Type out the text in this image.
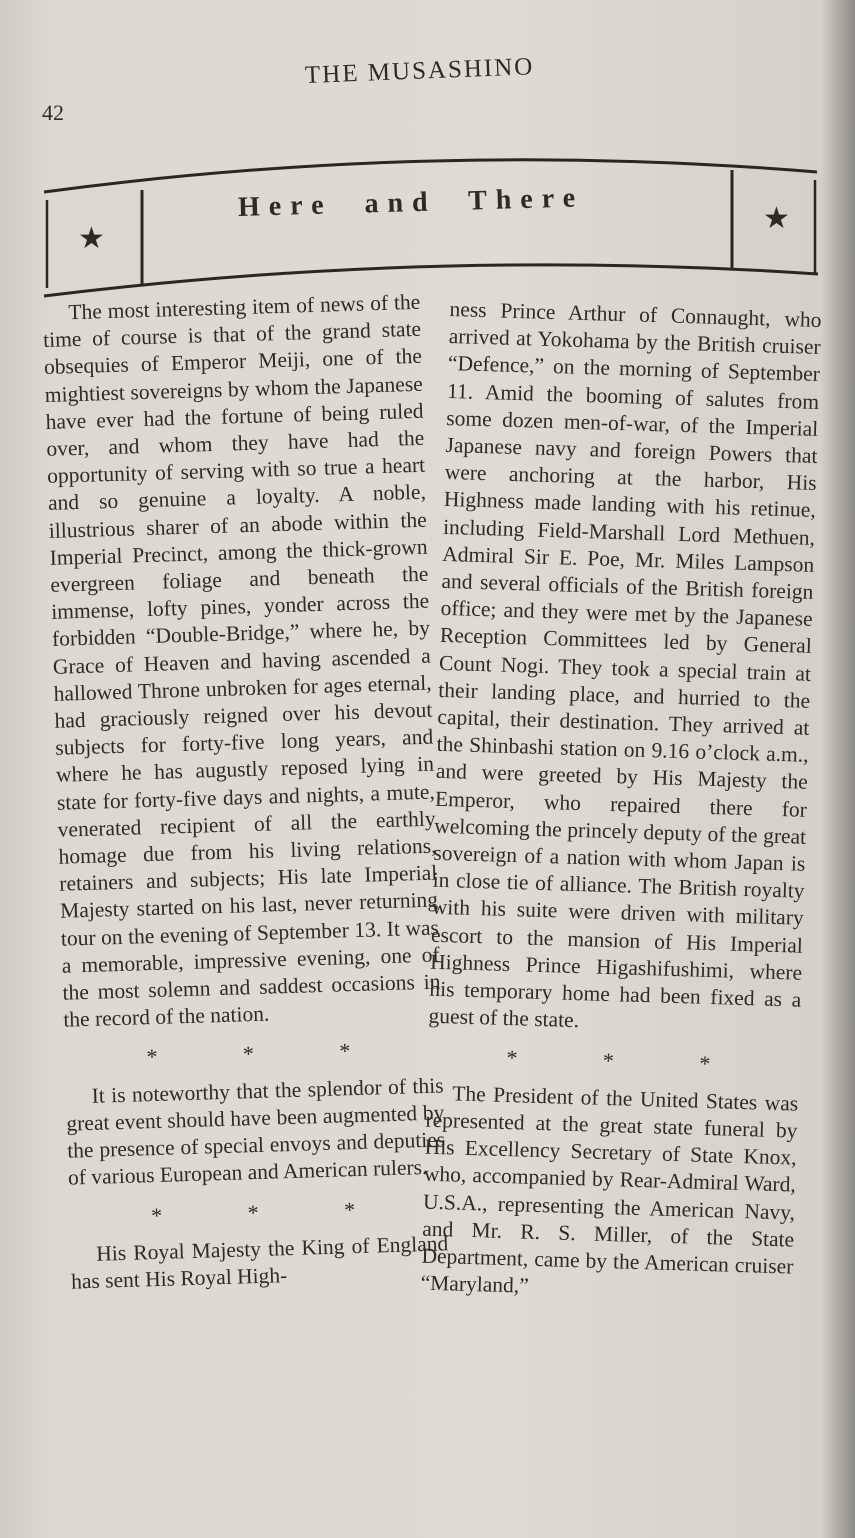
THE MUSASHINO
42
Here and There
★
★

The most interesting item of news of the time of course is that of the grand state obsequies of Emperor Meiji, one of the mightiest sovereigns by whom the Japanese have ever had the fortune of being ruled over, and whom they have had the opportunity of serving with so true a heart and so genuine a loyalty. A noble, illustrious sharer of an abode within the Imperial Precinct, among the thick-grown evergreen foliage and beneath the immense, lofty pines, yonder across the forbidden “Double-Bridge,” where he, by Grace of Heaven and having ascended a hallowed Throne unbroken for ages eternal, had graciously reigned over his devout subjects for forty-five long years, and where he has augustly reposed lying in state for forty-five days and nights, a mute, venerated recipient of all the earthly homage due from his living relations, retainers and subjects; His late Imperial Majesty started on his last, never returning tour on the evening of September 13. It was a memorable, impressive evening, one of the most solemn and saddest occasions in the record of the nation.

* * *

It is noteworthy that the splendor of this great event should have been augmented by the presence of special envoys and deputies of various European and American rulers.

* * *

His Royal Majesty the King of England has sent His Royal High-

ness Prince Arthur of Connaught, who arrived at Yokohama by the British cruiser “Defence,” on the morning of September 11. Amid the booming of salutes from some dozen men-of-war, of the Imperial Japanese navy and foreign Powers that were anchoring at the harbor, His Highness made landing with his retinue, including Field-Marshall Lord Methuen, Admiral Sir E. Poe, Mr. Miles Lampson and several officials of the British foreign office; and they were met by the Japanese Reception Committees led by General Count Nogi. They took a special train at their landing place, and hurried to the capital, their destination. They arrived at the Shinbashi station on 9.16 o’clock a.m., and were greeted by His Majesty the Emperor, who repaired there for welcoming the princely deputy of the great sovereign of a nation with whom Japan is in close tie of alliance. The British royalty with his suite were driven with military escort to the mansion of His Imperial Highness Prince Higashifushimi, where his temporary home had been fixed as a guest of the state.

* * *

The President of the United States was represented at the great state funeral by His Excellency Secretary of State Knox, who, accompanied by Rear-Admiral Ward, U.S.A., representing the American Navy, and Mr. R. S. Miller, of the State Department, came by the American cruiser “Maryland,”
